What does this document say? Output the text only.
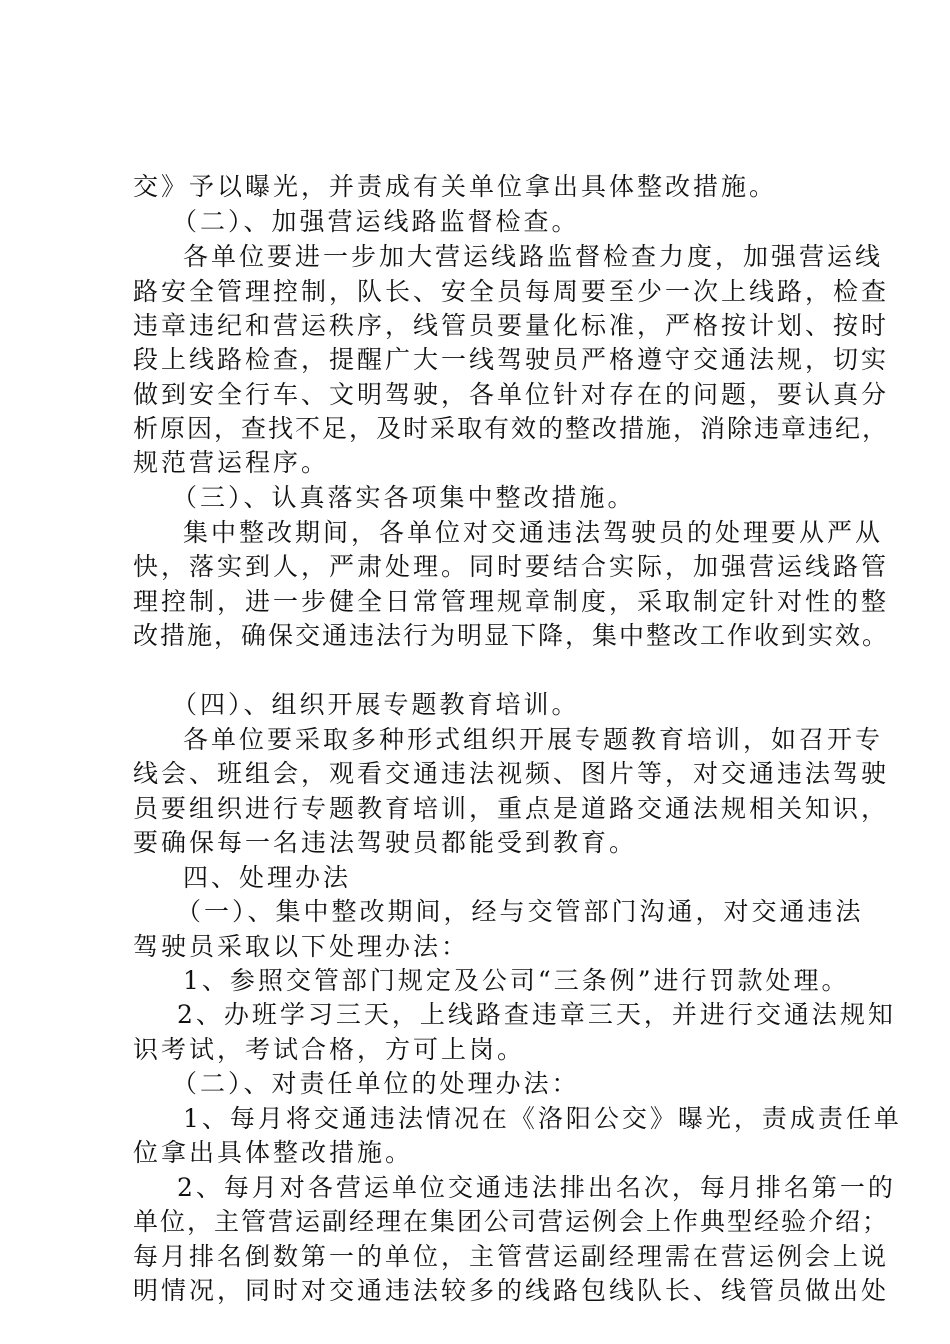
交》予以曝光，并责成有关单位拿出具体整改措施。

（二）、加强营运线路监督检查。

各单位要进一步加大营运线路监督检查力度，加强营运线

路安全管理控制，队长、安全员每周要至少一次上线路，检查

违章违纪和营运秩序，线管员要量化标准，严格按计划、按时

段上线路检查，提醒广大一线驾驶员严格遵守交通法规，切实

做到安全行车、文明驾驶，各单位针对存在的问题，要认真分

析原因，查找不足，及时采取有效的整改措施，消除违章违纪，

规范营运程序。

（三）、认真落实各项集中整改措施。

集中整改期间，各单位对交通违法驾驶员的处理要从严从

快，落实到人，严肃处理。同时要结合实际，加强营运线路管

理控制，进一步健全日常管理规章制度，采取制定针对性的整

改措施，确保交通违法行为明显下降，集中整改工作收到实效。

（四）、组织开展专题教育培训。

各单位要采取多种形式组织开展专题教育培训，如召开专

线会、班组会，观看交通违法视频、图片等，对交通违法驾驶

员要组织进行专题教育培训，重点是道路交通法规相关知识，

要确保每一名违法驾驶员都能受到教育。

四、处理办法

（一）、集中整改期间，经与交管部门沟通，对交通违法

驾驶员采取以下处理办法：

1、参照交管部门规定及公司“三条例”进行罚款处理。

2、办班学习三天，上线路查违章三天，并进行交通法规知

识考试，考试合格，方可上岗。

（二）、对责任单位的处理办法：

1、每月将交通违法情况在《洛阳公交》曝光，责成责任单

位拿出具体整改措施。

2、每月对各营运单位交通违法排出名次，每月排名第一的

单位，主管营运副经理在集团公司营运例会上作典型经验介绍；

每月排名倒数第一的单位，主管营运副经理需在营运例会上说

明情况，同时对交通违法较多的线路包线队长、线管员做出处
